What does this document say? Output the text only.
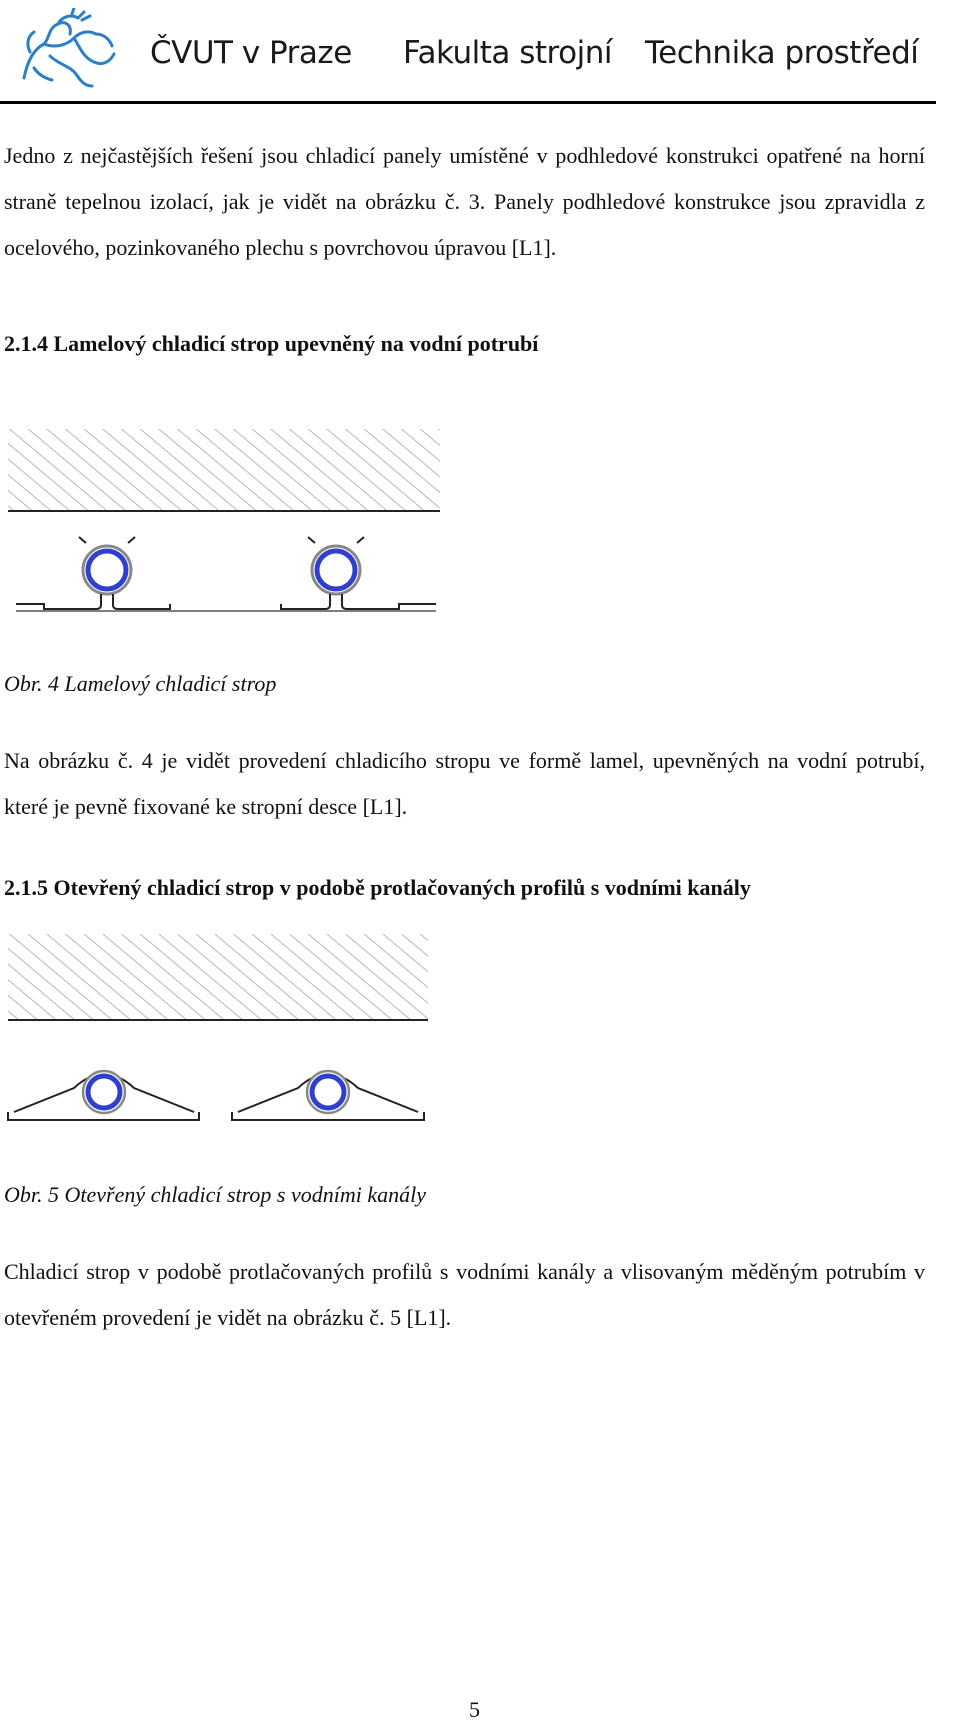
ČVUT v Praze Fakulta strojní Technika prostředí

Jedno z nejčastějších řešení jsou chladicí panely umístěné v podhledové konstrukci opatřené na horní straně tepelnou izolací, jak je vidět na obrázku č. 3. Panely podhledové konstrukce jsou zpravidla z ocelového, pozinkovaného plechu s povrchovou úpravou [L1].

2.1.4 Lamelový chladicí strop upevněný na vodní potrubí

Obr. 4 Lamelový chladicí strop

Na obrázku č. 4 je vidět provedení chladicího stropu ve formě lamel, upevněných na vodní potrubí, které je pevně fixované ke stropní desce [L1].

2.1.5 Otevřený chladicí strop v podobě protlačovaných profilů s vodními kanály

Obr. 5 Otevřený chladicí strop s vodními kanály

Chladicí strop v podobě protlačovaných profilů s vodními kanály a vlisovaným měděným potrubím v otevřeném provedení je vidět na obrázku č. 5 [L1].

5
